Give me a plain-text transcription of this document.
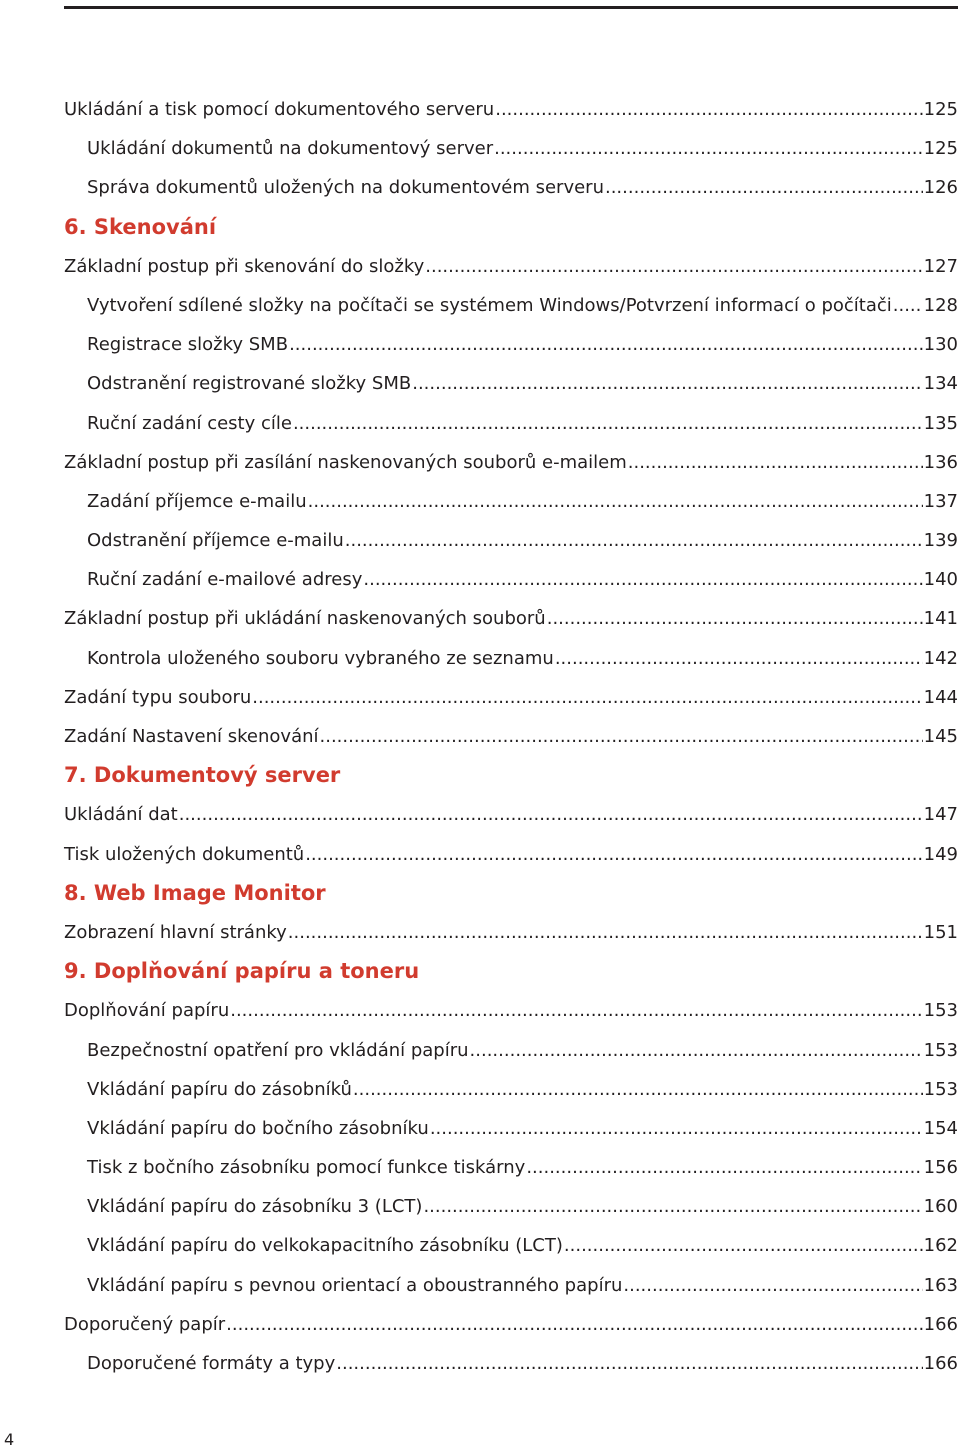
Ukládání a tisk pomocí dokumentového serveru .....	125
Ukládání dokumentů na dokumentový server .....	125
Správa dokumentů uložených na dokumentovém serveru .....	126
6. Skenování
Základní postup při skenování do složky .....	127
Vytvoření sdílené složky na počítači se systémem Windows/Potvrzení informací o počítači ..... 128
Registrace složky SMB .....	130
Odstranění registrované složky SMB .....	134
Ruční zadání cesty cíle .....	135
Základní postup při zasílání naskenovaných souborů e-mailem .....	136
Zadání příjemce e-mailu .....	137
Odstranění příjemce e-mailu .....	139
Ruční zadání e-mailové adresy .....	140
Základní postup při ukládání naskenovaných souborů .....	141
Kontrola uloženého souboru vybraného ze seznamu .....	142
Zadání typu souboru .....	144
Zadání Nastavení skenování .....	145
7. Dokumentový server
Ukládání dat .....	147
Tisk uložených dokumentů .....	149
8. Web Image Monitor
Zobrazení hlavní stránky .....	151
9. Doplňování papíru a toneru
Doplňování papíru .....	153
Bezpečnostní opatření pro vkládání papíru .....	153
Vkládání papíru do zásobníků .....	153
Vkládání papíru do bočního zásobníku .....	154
Tisk z bočního zásobníku pomocí funkce tiskárny .....	156
Vkládání papíru do zásobníku 3 (LCT) .....	160
Vkládání papíru do velkokapacitního zásobníku (LCT) .....	162
Vkládání papíru s pevnou orientací a oboustranného papíru .....	163
Doporučený papír .....	166
Doporučené formáty a typy .....	166
4
